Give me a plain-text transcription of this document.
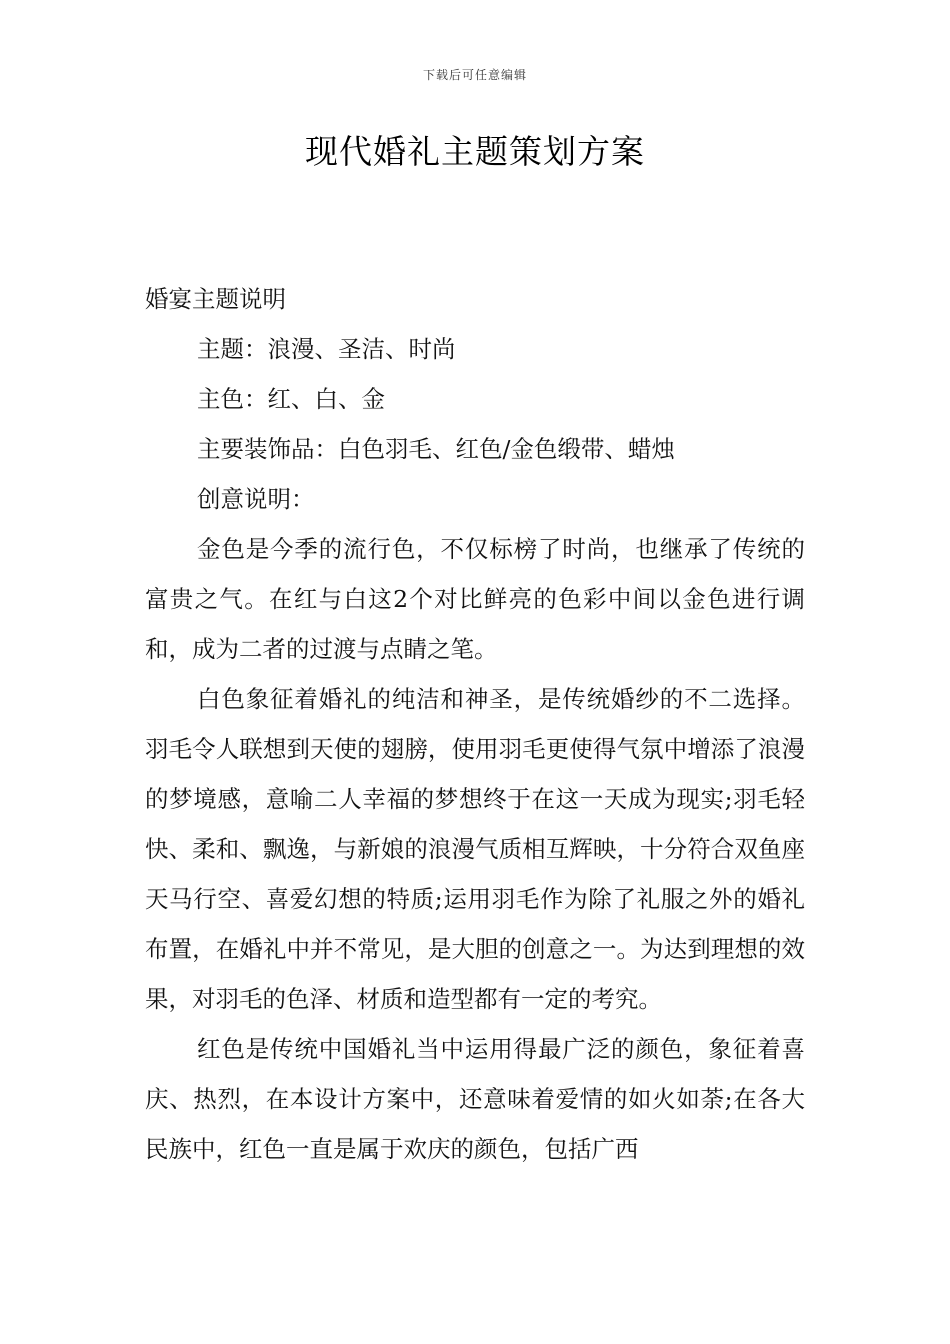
下载后可任意编辑
现代婚礼主题策划方案

婚宴主题说明

主题：浪漫、圣洁、时尚

主色：红、白、金

主要装饰品：白色羽毛、红色/金色缎带、蜡烛

创意说明：

金色是今季的流行色，不仅标榜了时尚，也继承了传统的富贵之气。在红与白这2个对比鲜亮的色彩中间以金色进行调和，成为二者的过渡与点睛之笔。

白色象征着婚礼的纯洁和神圣，是传统婚纱的不二选择。羽毛令人联想到天使的翅膀，使用羽毛更使得气氛中增添了浪漫的梦境感，意喻二人幸福的梦想终于在这一天成为现实;羽毛轻快、柔和、飘逸，与新娘的浪漫气质相互辉映，十分符合双鱼座天马行空、喜爱幻想的特质;运用羽毛作为除了礼服之外的婚礼布置，在婚礼中并不常见，是大胆的创意之一。为达到理想的效果，对羽毛的色泽、材质和造型都有一定的考究。

红色是传统中国婚礼当中运用得最广泛的颜色，象征着喜庆、热烈，在本设计方案中，还意味着爱情的如火如荼;在各大民族中，红色一直是属于欢庆的颜色，包括广西
